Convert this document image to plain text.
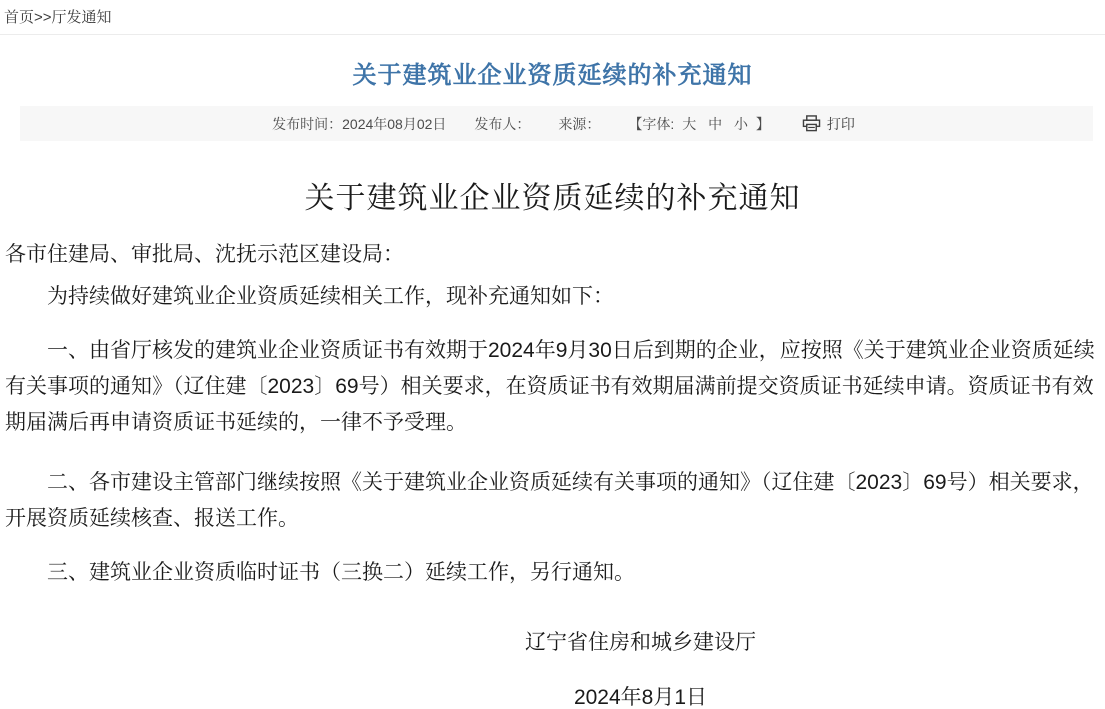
首页>>厅发通知
关于建筑业企业资质延续的补充通知
发布时间：2024年08月02日 发布人： 来源： 【字体: 大 中 小 】	打印
关于建筑业企业资质延续的补充通知

各市住建局、审批局、沈抚示范区建设局：

为持续做好建筑业企业资质延续相关工作，现补充通知如下：

一、由省厅核发的建筑业企业资质证书有效期于2024年9月30日后到期的企业，应按照《关于建筑业企业资质延续有关事项的通知》（辽住建〔2023〕69号）相关要求，在资质证书有效期届满前提交资质证书延续申请。资质证书有效期届满后再申请资质证书延续的，一律不予受理。

二、各市建设主管部门继续按照《关于建筑业企业资质延续有关事项的通知》（辽住建〔2023〕69号）相关要求，开展资质延续核查、报送工作。

三、建筑业企业资质临时证书（三换二）延续工作，另行通知。

辽宁省住房和城乡建设厅

2024年8月1日
